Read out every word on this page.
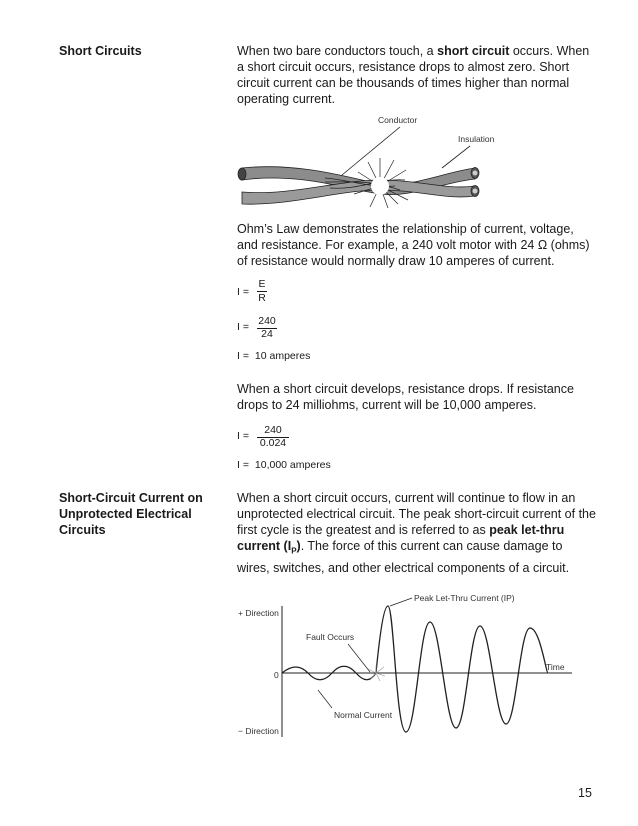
Short Circuits	When two bare conductors touch, a short circuit occurs. When a short circuit occurs, resistance drops to almost zero. Short circuit current can be thousands of times higher than normal operating current.
Conductor
Insulation
Ohm’s Law demonstrates the relationship of current, voltage, and resistance. For example, a 240 volt motor with 24 Ω (ohms) of resistance would normally draw 10 amperes of current.
I =
E
R
I = 240
24
I = 10 amperes
When a short circuit develops, resistance drops. If resistance drops to 24 milliohms, current will be 10,000 amperes.
I =	240
0.024
I = 10,000 amperes
Short-Circuit Current on
Unprotected Electrical
Circuits
When a short circuit occurs, current will continue to flow in an unprotected electrical circuit. The peak short-circuit current of the first cycle is the greatest and is referred to as peak let-thru current $(I_P)$. The force of this current can cause damage to wires, switches, and other electrical components of a circuit.
Peak Let-Thru Current (IP)
+ Direction
Fault Occurs
Time
0
Normal Current
− Direction
15
